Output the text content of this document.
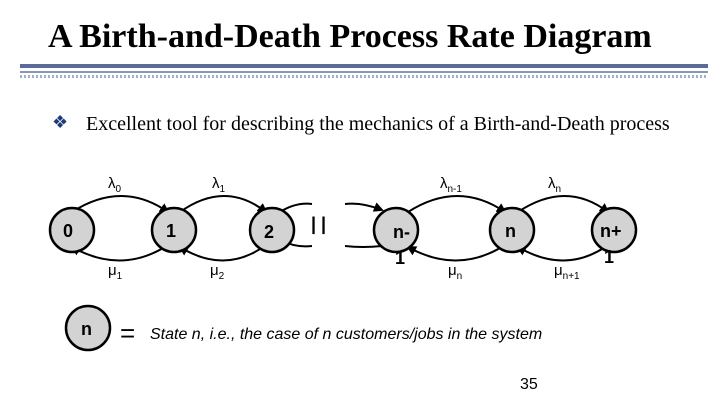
A Birth-and-Death Process Rate Diagram
❖ Excellent tool for describing the mechanics of a Birth-and-Death process
0	1	2 | |	n- 1
n	n+ 1
$\lambda_0$	$\lambda_1$	$\lambda_{n-1}$	$\lambda_n$
$\mu_1$	$\mu_2$	$\mu_n$	$\mu_{n+1}$
n = State n, i.e., the case of n customers/jobs in the system
35
